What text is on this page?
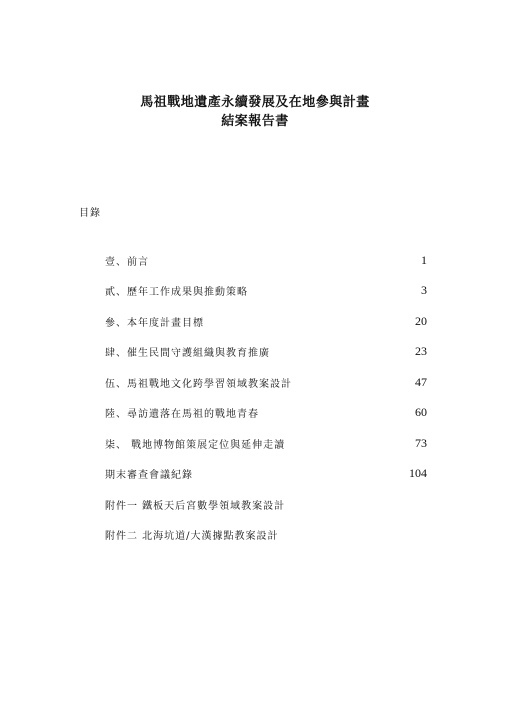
馬祖戰地遺產永續發展及在地參與計畫
結案報告書
目錄
壹、前言	1
貳、歷年工作成果與推動策略	3
參、本年度計畫目標	20
肆、催生民間守護組織與教育推廣	23
伍、馬祖戰地文化跨學習領域教案設計	47
陸、尋訪遺落在馬祖的戰地青春	60
柒、 戰地博物館策展定位與延伸走讀	73
期末審查會議紀錄	104
附件一 鐵板天后宮數學領域教案設計
附件二 北海坑道/大漢據點教案設計
